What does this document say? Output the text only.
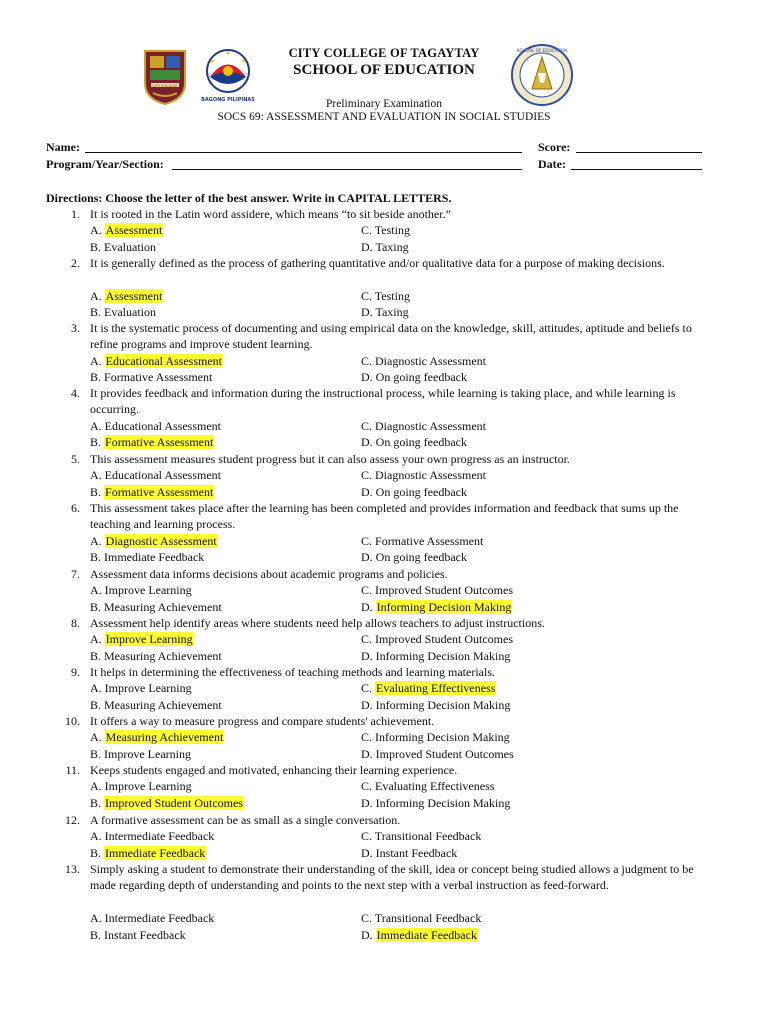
CITY COLLEGE
BAGONG PILIPINAS
SCHOOL OF EDUCATION
CITY COLLEGE OF TAGAYTAY
SCHOOL OF EDUCATION
Preliminary Examination
SOCS 69: ASSESSMENT AND EVALUATION IN SOCIAL STUDIES
Name:	Score:
Program/Year/Section:	Date:
Directions: Choose the letter of the best answer. Write in CAPITAL LETTERS.
1. It is rooted in the Latin word assidere, which means “to sit beside another.”
A. Assessment
B. Evaluation
C. Testing
D. Taxing
2. It is generally defined as the process of gathering quantitative and/or qualitative data for a purpose of making decisions.
A. Assessment
B. Evaluation
C. Testing
D. Taxing
3. It is the systematic process of documenting and using empirical data on the knowledge, skill, attitudes, aptitude and beliefs to refine programs and improve student learning.
A. Educational Assessment
B. Formative Assessment
C. Diagnostic Assessment
D. On going feedback
4. It provides feedback and information during the instructional process, while learning is taking place, and while learning is occurring.
A. Educational Assessment
B. Formative Assessment
C. Diagnostic Assessment
D. On going feedback
5. This assessment measures student progress but it can also assess your own progress as an instructor.
A. Educational Assessment
B. Formative Assessment
C. Diagnostic Assessment
D. On going feedback
6. This assessment takes place after the learning has been completed and provides information and feedback that sums up the teaching and learning process.
A. Diagnostic Assessment
B. Immediate Feedback
C. Formative Assessment
D. On going feedback
7. Assessment data informs decisions about academic programs and policies.
A. Improve Learning
B. Measuring Achievement
C. Improved Student Outcomes
D. Informing Decision Making
8. Assessment help identify areas where students need help allows teachers to adjust instructions.
A. Improve Learning
B. Measuring Achievement
C. Improved Student Outcomes
D. Informing Decision Making
9. It helps in determining the effectiveness of teaching methods and learning materials.
A. Improve Learning
B. Measuring Achievement
C. Evaluating Effectiveness
D. Informing Decision Making
10. It offers a way to measure progress and compare students' achievement.
A. Measuring Achievement
B. Improve Learning
C. Informing Decision Making
D. Improved Student Outcomes
11. Keeps students engaged and motivated, enhancing their learning experience.
A. Improve Learning
B. Improved Student Outcomes
C. Evaluating Effectiveness
D. Informing Decision Making
12. A formative assessment can be as small as a single conversation.
A. Intermediate Feedback
B. Immediate Feedback
C. Transitional Feedback
D. Instant Feedback
13. Simply asking a student to demonstrate their understanding of the skill, idea or concept being studied allows a judgment to be made regarding depth of understanding and points to the next step with a verbal instruction as feed-forward.
A. Intermediate Feedback
B. Instant Feedback
C. Transitional Feedback
D. Immediate Feedback
